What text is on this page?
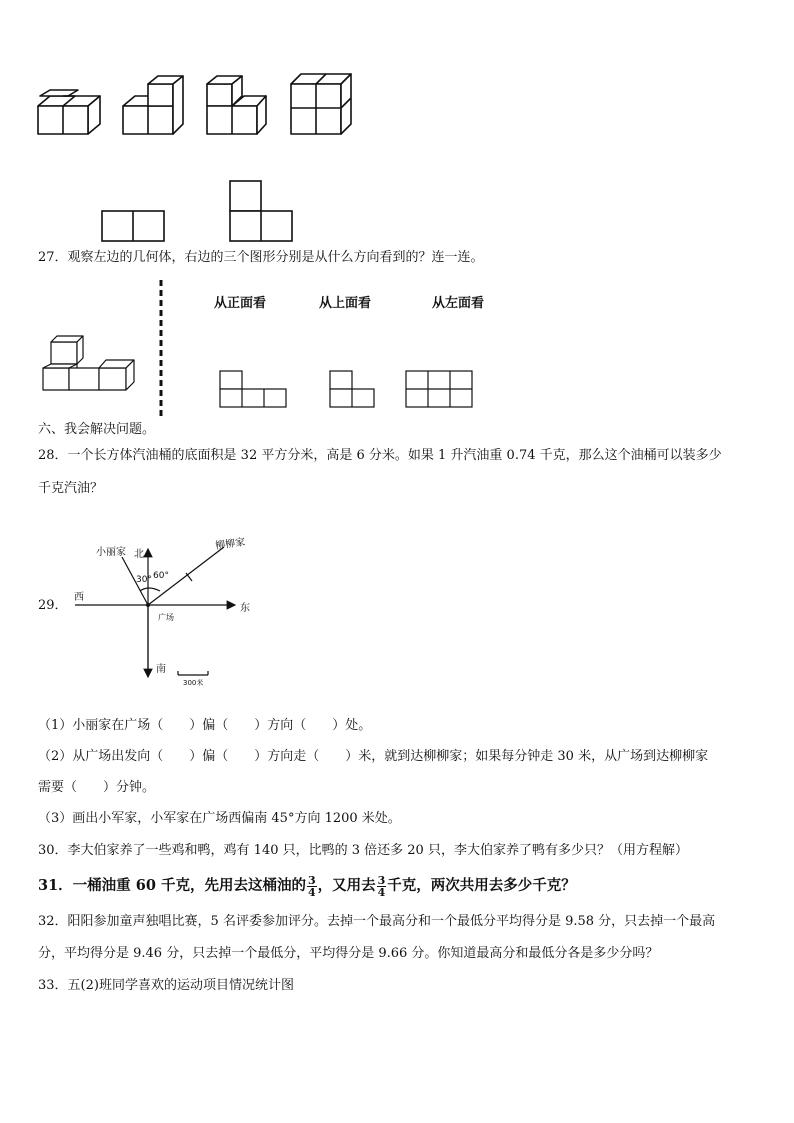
27．观察左边的几何体，右边的三个图形分别是从什么方向看到的？连一连。
从正面看	从上面看	从左面看
六、我会解决问题。
28．一个长方体汽油桶的底面积是 32 平方分米，高是 6 分米。如果 1 升汽油重 0.74 千克，那么这个油桶可以装多少
千克汽油？
29．
北
南
东
西
广场
小丽家
柳柳家
30° 60°
300米
（1）小丽家在广场（　　）偏（　　）方向（　　）处。
（2）从广场出发向（　　）偏（　　）方向走（　　）米，就到达柳柳家；如果每分钟走 30 米，从广场到达柳柳家
需要（　　）分钟。
（3）画出小军家，小军家在广场西偏南 45°方向 1200 米处。
30．李大伯家养了一些鸡和鸭，鸡有 140 只，比鸭的 3 倍还多 20 只，李大伯家养了鸭有多少只？（用方程解）
31．一桶油重 60 千克，先用去这桶油的 $\frac{3}{4}$ ，又用去 $\frac{3}{4}$ 千克，两次共用去多少千克？
32．阳阳参加童声独唱比赛，5 名评委参加评分。去掉一个最高分和一个最低分平均得分是 9.58 分，只去掉一个最高
分，平均得分是 9.46 分，只去掉一个最低分，平均得分是 9.66 分。你知道最高分和最低分各是多少分吗？
33．五(2)班同学喜欢的运动项目情况统计图
